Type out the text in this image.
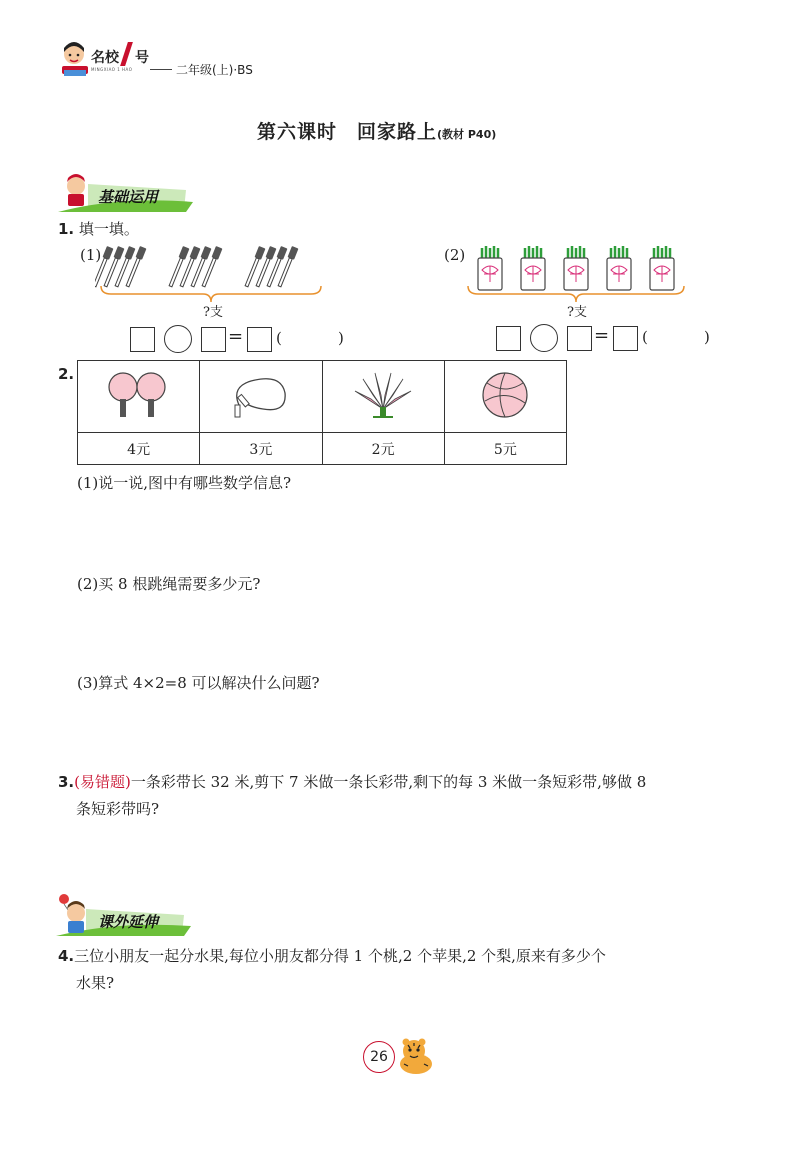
名校 号
MINGXIAO 1 HAO	二年级(上)·BS
第六课时　回家路上(教材 P40)
基础运用
1. 填一填。
(1)
?支
= (	)
(2)
?支
= (	)
2.

4元	3元	2元	5元
(1)说一说,图中有哪些数学信息?
(2)买 8 根跳绳需要多少元?
(3)算式 4×2=8 可以解决什么问题?
3.(易错题)一条彩带长 32 米,剪下 7 米做一条长彩带,剩下的每 3 米做一条短彩带,够做 8
条短彩带吗?
课外延伸
4.三位小朋友一起分水果,每位小朋友都分得 1 个桃,2 个苹果,2 个梨,原来有多少个
水果?
26
